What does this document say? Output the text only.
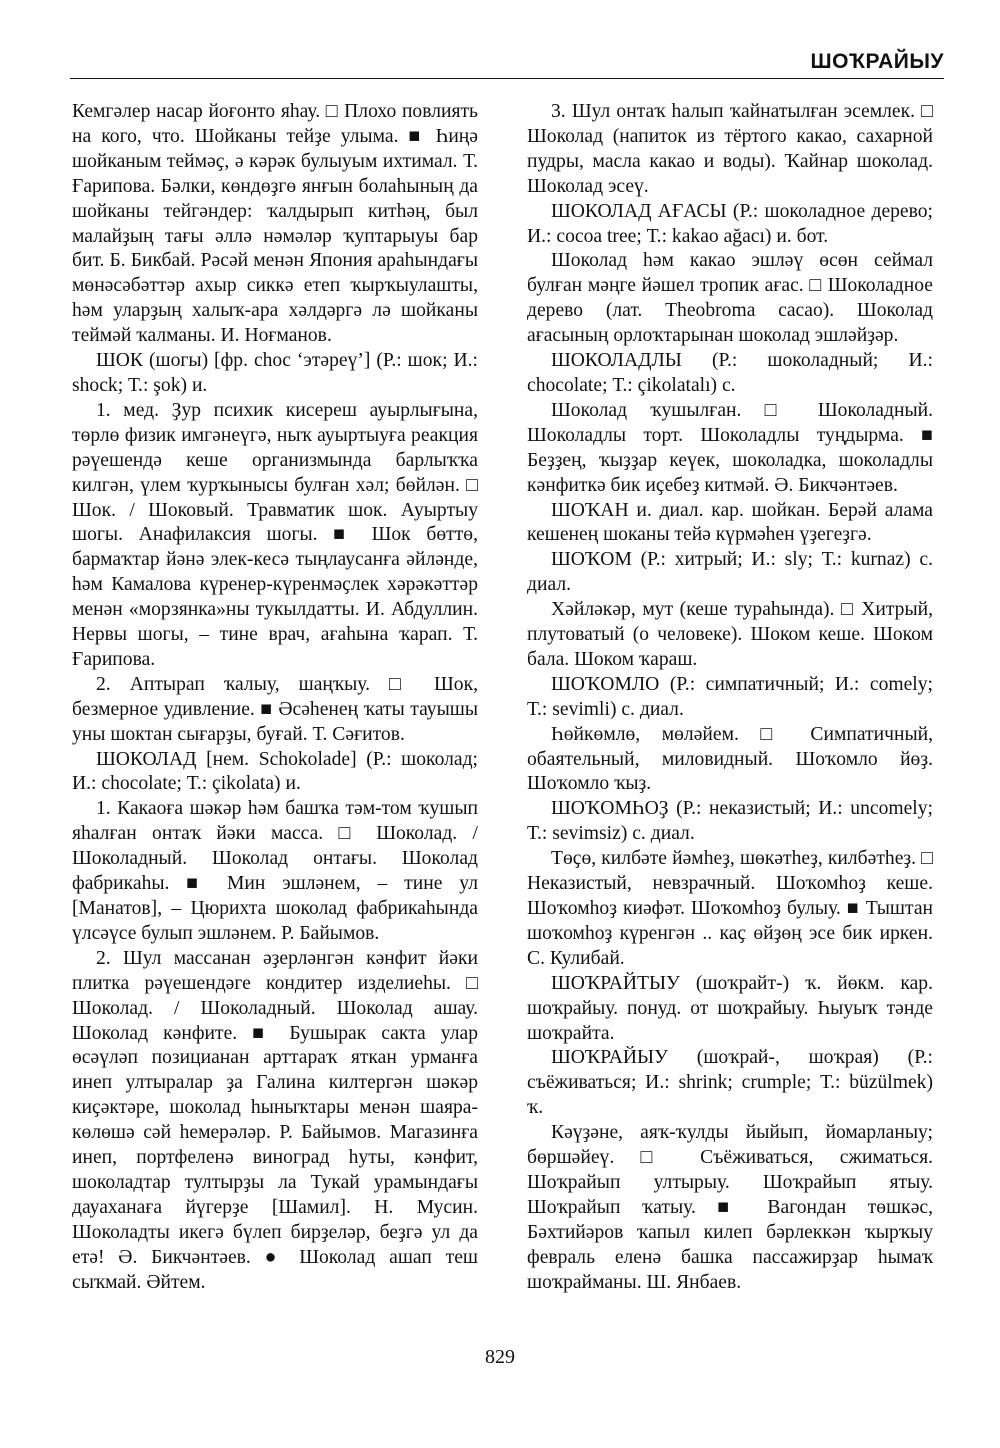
ШОҠРАЙЫУ

Кемгәлер насар йоғонто яһау. □ Плохо повлиять на кого, что. Шойканы тейҙе улыма. ■ Һиңә шойканым теймәҫ, ә кәрәк булыуым ихтимал. Т. Ғарипова. Бәлки, көндөҙгө янғын болаһының да шойканы тейгәндер: ҡалдырып китһәң, был малайҙың тағы әллә нәмәләр ҡуптарыуы бар бит. Б. Бикбай. Рәсәй менән Япония араһындағы мөнәсәбәттәр ахыр сиккә етеп ҡырҡыулашты, һәм уларҙың халыҡ-ара хәлдәргә лә шойканы теймәй ҡалманы. И. Ноғманов.

ШОК (шогы) [фр. choc ‘этәреү’] (Р.: шок; И.: shock; Т.: şok) и.

1. мед. Ҙур психик кисереш ауырлығына, төрлө физик имгәнеүгә, ныҡ ауыртыуға реакция рәүешендә кеше организмында барлыҡҡа килгән, үлем ҡурҡынысы булған хәл; бөйлән. □ Шок. / Шоковый. Травматик шок. Ауыртыу шогы. Анафилаксия шогы. ■ Шок бөттө, бармаҡтар йәнә элек-кесә тыңлаусанға әйләнде, һәм Камалова күренер-күренмәҫлек хәрәкәттәр менән «морзянка»ны тукылдатты. И. Абдуллин. Нервы шогы, – тине врач, ағаһына ҡарап. Т. Ғарипова.

2. Аптырап ҡалыу, шаңҡыу. □ Шок, безмерное удивление. ■ Әсәһенең ҡаты тауышы уны шоктан сығарҙы, буғай. Т. Сәғитов.

ШОКОЛАД [нем. Schokolade] (Р.: шоколад; И.: chocolate; Т.: çikolata) и.

1. Какаоға шәкәр һәм башҡа тәм-том ҡушып яһалған онтаҡ йәки масса. □ Шоколад. / Шоколадный. Шоколад онтағы. Шоколад фабрикаһы. ■ Мин эшләнем, – тине ул [Манатов], – Цюрихта шоколад фабрикаһында үлсәүсе булып эшләнем. Р. Байымов.

2. Шул массанан әҙерләнгән кәнфит йәки плитка рәүешендәге кондитер изделиеһы. □ Шоколад. / Шоколадный. Шоколад ашау. Шоколад кәнфите. ■ Бушырак сакта улар өсәүләп позицианан арттараҡ яткан урманға инеп ултыралар ҙа Галина килтергән шәкәр киҫәктәре, шоколад һыныҡтары менән шаяра-көлөшә сәй һемерәләр. Р. Байымов. Магазинға инеп, портфеленә виноград һуты, кәнфит, шоколадтар тултырҙы ла Тукай урамындағы дауаханаға йүгерҙе [Шамил]. Н. Мусин. Шоколадты икегә бүлеп бирҙеләр, беҙгә ул да етә! Ә. Бикчәнтәев. ● Шоколад ашап теш сыҡмай. Әйтем.

3. Шул онтаҡ һалып ҡайнатылған эсемлек. □ Шоколад (напиток из тёртого какао, сахарной пудры, масла какао и воды). Ҡайнар шоколад. Шоколад эсеү.

ШОКОЛАД АҒАСЫ (Р.: шоколадное дерево; И.: cocoa tree; Т.: kakao ağacı) и. бот.

Шоколад һәм какао эшләү өсөн сеймал булған мәңге йәшел тропик ағас. □ Шоколадное дерево (лат. Theobroma cacao). Шоколад ағасының орлоҡтарынан шоколад эшләйҙәр.

ШОКОЛАДЛЫ (Р.: шоколадный; И.: chocolate; Т.: çikolatalı) с.

Шоколад ҡушылған. □ Шоколадный. Шоколадлы торт. Шоколадлы туңдырма. ■ Беҙҙең, ҡыҙҙар кеүек, шоколадка, шоколадлы кәнфиткә бик иҫебеҙ китмәй. Ә. Бикчәнтәев.

ШОҠАН и. диал. кар. шойкан. Берәй алама кешенең шоканы тейә күрмәһен үҙегеҙгә.

ШОҠОМ (Р.: хитрый; И.: sly; Т.: kurnaz) с. диал.

Хәйләкәр, мут (кеше тураһында). □ Хитрый, плутоватый (о человеке). Шоком кеше. Шоком бала. Шоком ҡараш.

ШОҠОМЛО (Р.: симпатичный; И.: comely; Т.: sevimli) с. диал.

Һөйкөмлө, мөләйем. □ Симпатичный, обаятельный, миловидный. Шоҡомло йөҙ. Шоҡомло ҡыҙ.

ШОҠОМҺОҘ (Р.: неказистый; И.: uncomely; Т.: sevimsiz) с. диал.

Төҫө, килбәте йәмһеҙ, шөкәтһеҙ, килбәтһеҙ. □ Неказистый, невзрачный. Шоҡомһоҙ кеше. Шоҡомһоҙ киәфәт. Шоҡомһоҙ булыу. ■ Тыштан шоҡомһоҙ күренгән .. каҫ өйҙөң эсе бик иркен. С. Кулибай.

ШОҠРАЙТЫУ (шоҡрайт-) ҡ. йөкм. кар. шоҡрайыу. понуд. от шоҡрайыу. Һыуыҡ тәнде шоҡрайта.

ШОҠРАЙЫУ (шоҡрай-, шоҡрая) (Р.: съёживаться; И.: shrink; crumple; Т.: büzülmek) ҡ.

Кәүҙәне, аяҡ-ҡулды йыйып, йомарланыу; бөршәйеү. □ Съёживаться, сжиматься. Шоҡрайып ултырыу. Шоҡрайып ятыу. Шоҡрайып ҡатыу. ■ Вагондан төшкәс, Бәхтийәров ҡапыл килеп бәрлеккән ҡырҡыу февраль еленә башка пассажирҙар һымаҡ шоҡрайманы. Ш. Янбаев.

829
